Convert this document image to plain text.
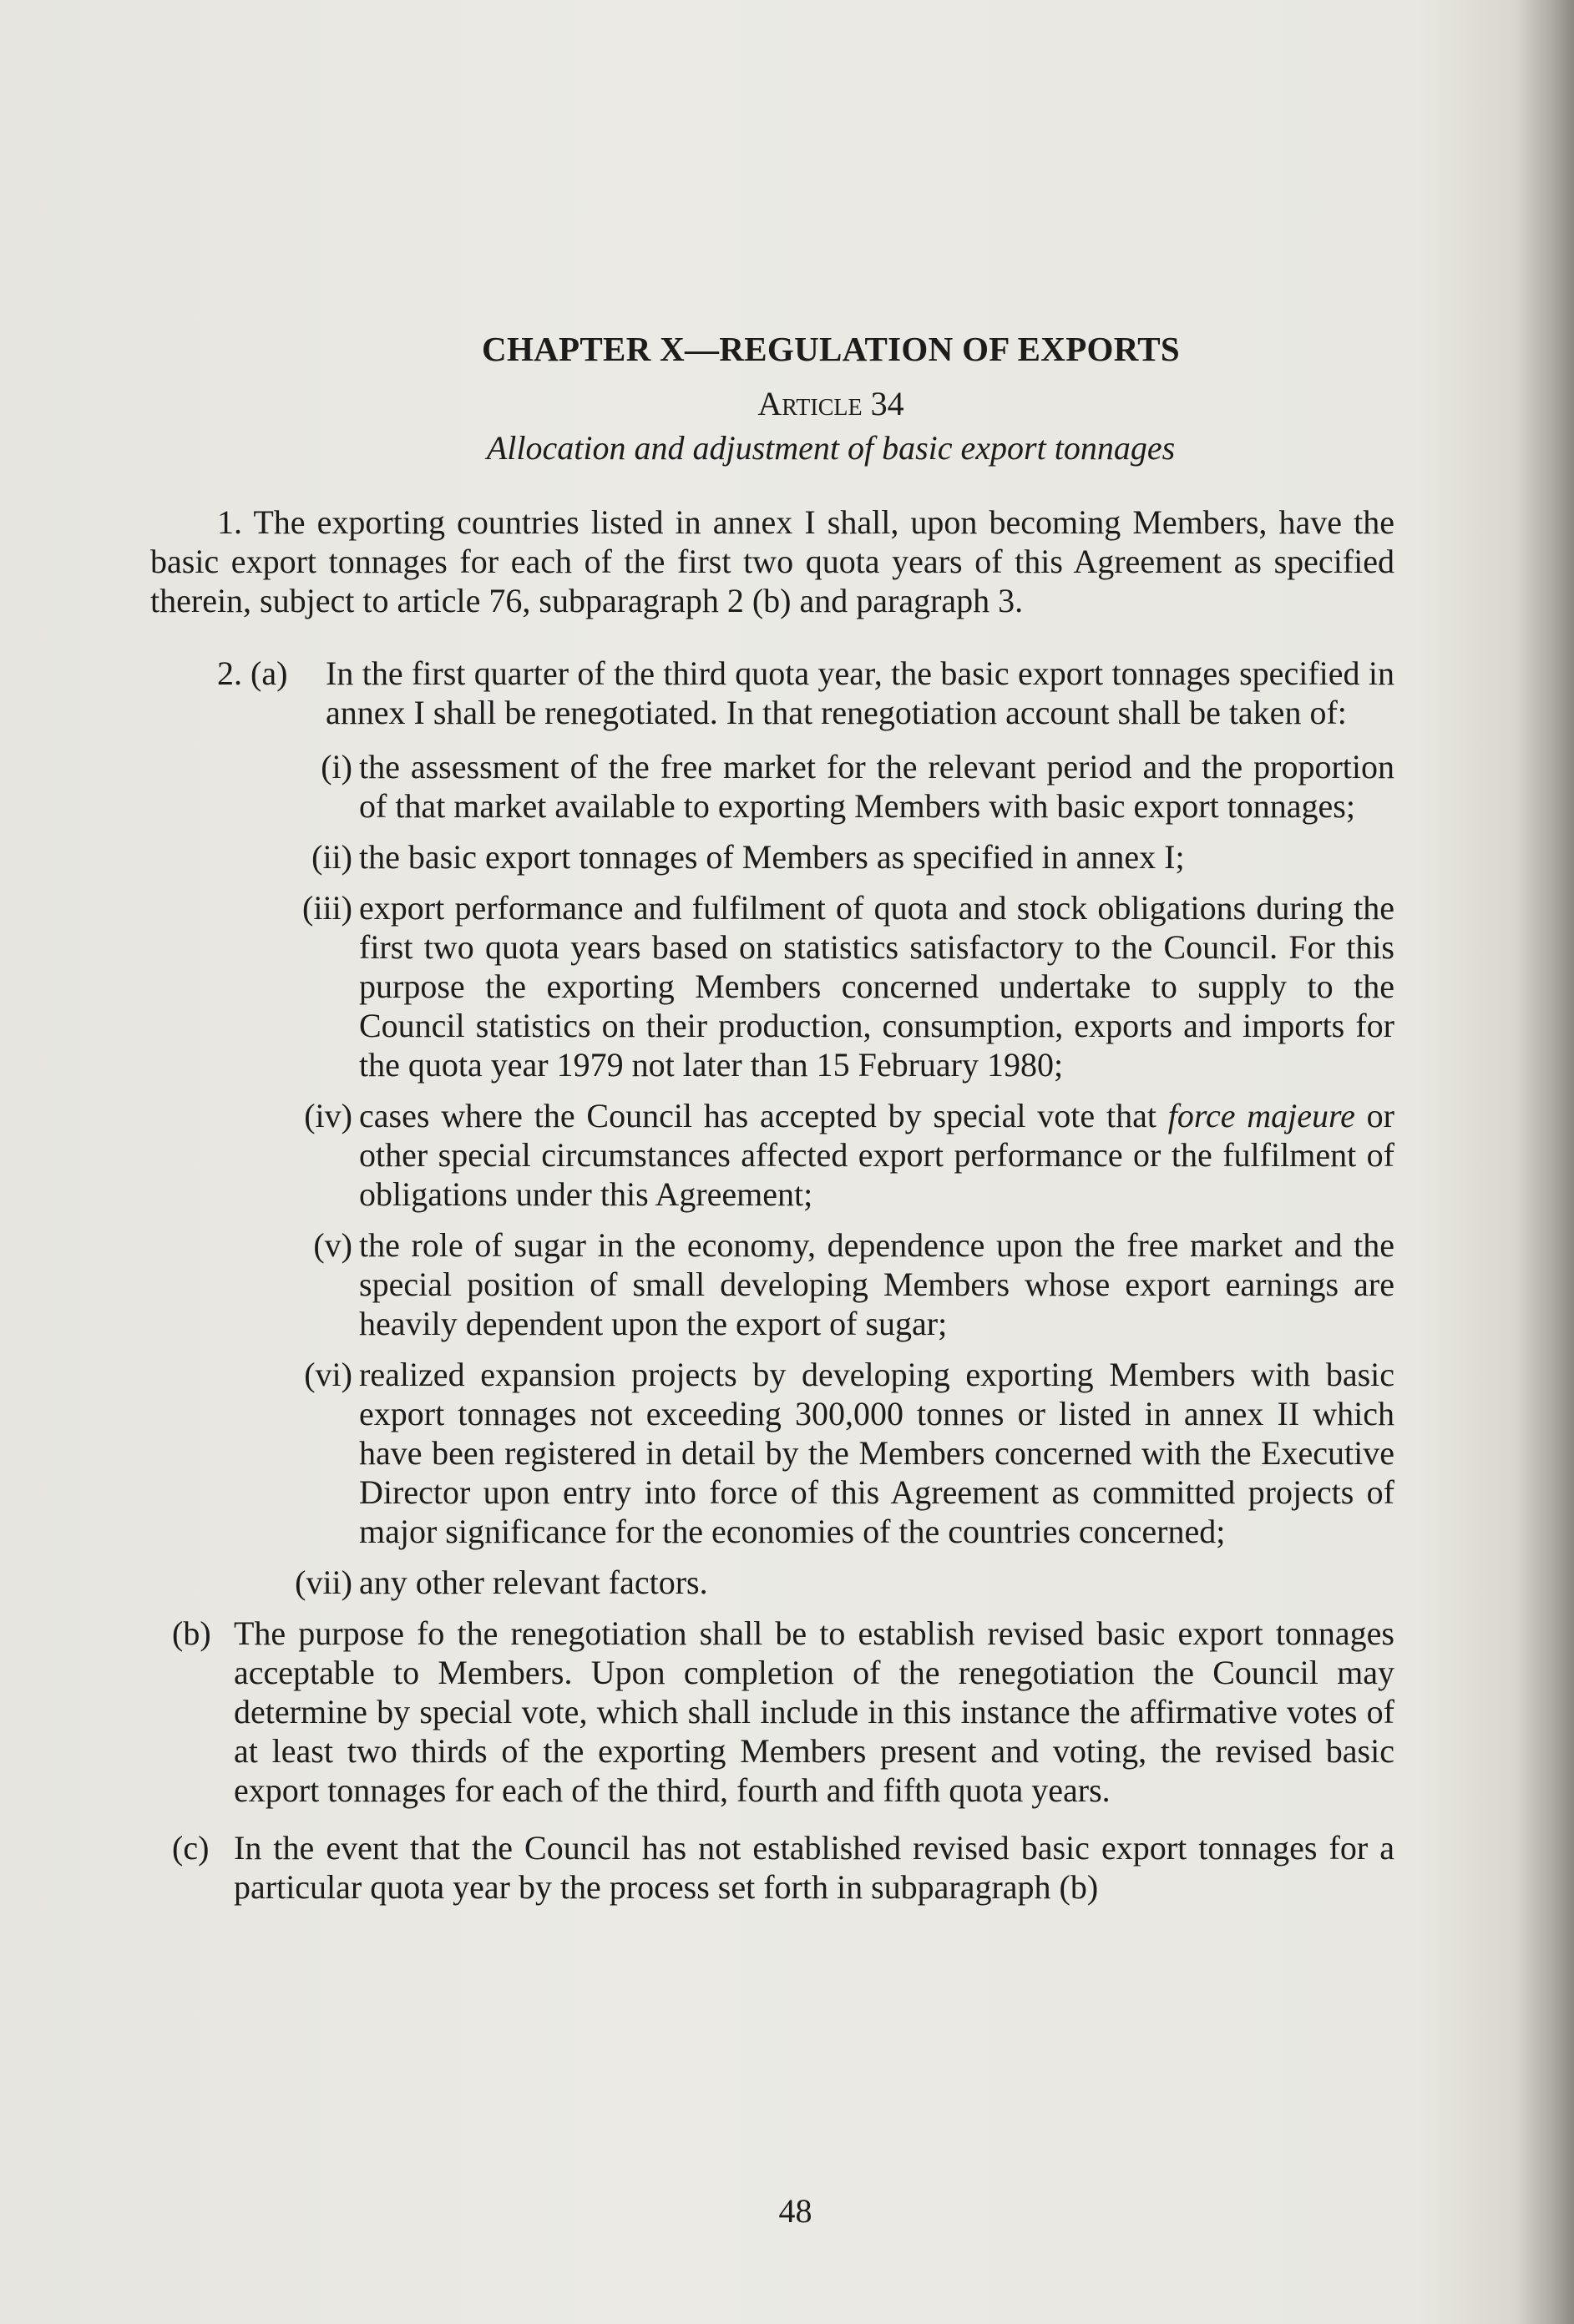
CHAPTER X—REGULATION OF EXPORTS
Article 34
Allocation and adjustment of basic export tonnages
1. The exporting countries listed in annex I shall, upon becoming Members, have the basic export tonnages for each of the first two quota years of this Agreement as specified therein, subject to article 76, subparagraph 2 (b) and paragraph 3.
2. (a) In the first quarter of the third quota year, the basic export tonnages specified in annex I shall be renegotiated. In that renegotiation account shall be taken of:
(i) the assessment of the free market for the relevant period and the proportion of that market available to exporting Members with basic export tonnages;
(ii) the basic export tonnages of Members as specified in annex I;
(iii) export performance and fulfilment of quota and stock obligations during the first two quota years based on statistics satisfactory to the Council. For this purpose the exporting Members concerned undertake to supply to the Council statistics on their production, consumption, exports and imports for the quota year 1979 not later than 15 February 1980;
(iv) cases where the Council has accepted by special vote that force majeure or other special circumstances affected export performance or the fulfilment of obligations under this Agreement;
(v) the role of sugar in the economy, dependence upon the free market and the special position of small developing Members whose export earnings are heavily dependent upon the export of sugar;
(vi) realized expansion projects by developing exporting Members with basic export tonnages not exceeding 300,000 tonnes or listed in annex II which have been registered in detail by the Members concerned with the Executive Director upon entry into force of this Agreement as committed projects of major significance for the economies of the countries concerned;
(vii) any other relevant factors.
(b) The purpose fo the renegotiation shall be to establish revised basic export tonnages acceptable to Members. Upon completion of the renegotiation the Council may determine by special vote, which shall include in this instance the affirmative votes of at least two thirds of the exporting Members present and voting, the revised basic export tonnages for each of the third, fourth and fifth quota years.
(c) In the event that the Council has not established revised basic export tonnages for a particular quota year by the process set forth in subparagraph (b)
48
